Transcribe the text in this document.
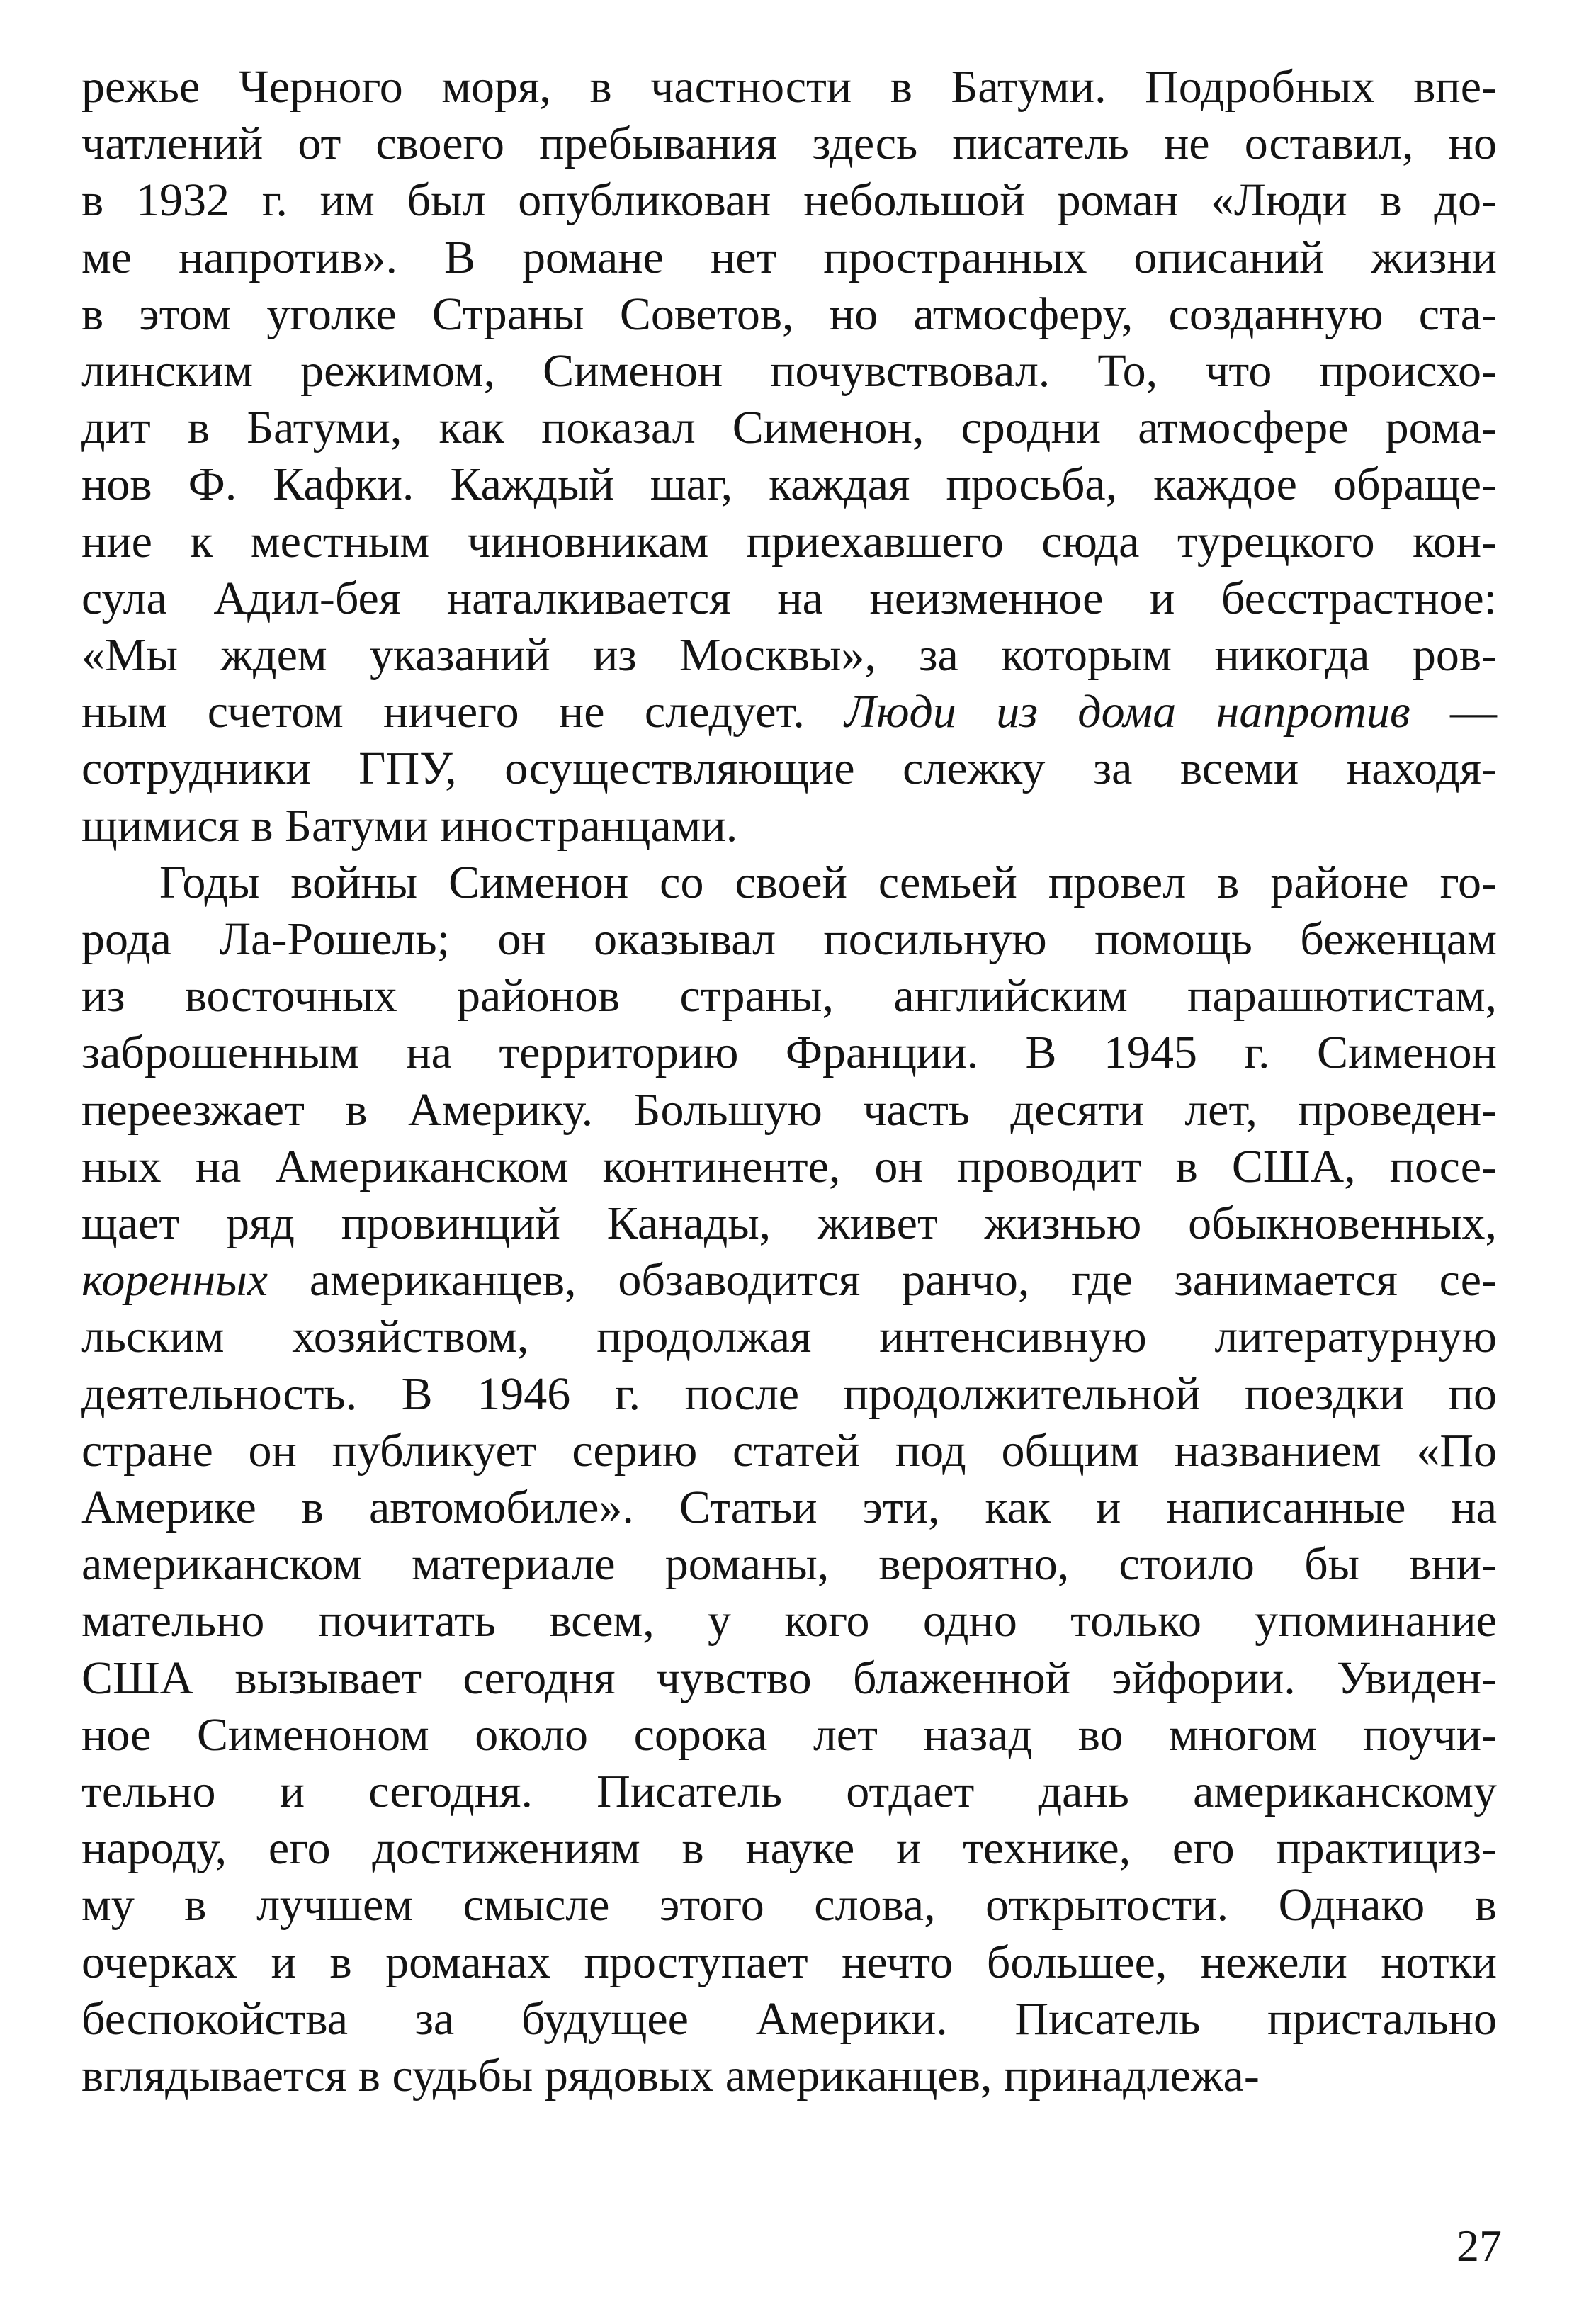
режье Черного моря, в частности в Батуми. Подробных впе-
чатлений от своего пребывания здесь писатель не оставил, но
в 1932 г. им был опубликован небольшой роман «Люди в до-
ме напротив». В романе нет пространных описаний жизни
в этом уголке Страны Советов, но атмосферу, созданную ста-
линским режимом, Сименон почувствовал. То, что происхо-
дит в Батуми, как показал Сименон, сродни атмосфере рома-
нов Ф. Кафки. Каждый шаг, каждая просьба, каждое обраще-
ние к местным чиновникам приехавшего сюда турецкого кон-
сула Адил-бея наталкивается на неизменное и бесстрастное:
«Мы ждем указаний из Москвы», за которым никогда ров-
ным счетом ничего не следует. Люди из дома напротив —
сотрудники ГПУ, осуществляющие слежку за всеми находя-
щимися в Батуми иностранцами.
Годы войны Сименон со своей семьей провел в районе го-
рода Ла-Рошель; он оказывал посильную помощь беженцам
из восточных районов страны, английским парашютистам,
заброшенным на территорию Франции. В 1945 г. Сименон
переезжает в Америку. Большую часть десяти лет, проведен-
ных на Американском континенте, он проводит в США, посе-
щает ряд провинций Канады, живет жизнью обыкновенных,
коренных американцев, обзаводится ранчо, где занимается се-
льским хозяйством, продолжая интенсивную литературную
деятельность. В 1946 г. после продолжительной поездки по
стране он публикует серию статей под общим названием «По
Америке в автомобиле». Статьи эти, как и написанные на
американском материале романы, вероятно, стоило бы вни-
мательно почитать всем, у кого одно только упоминание
США вызывает сегодня чувство блаженной эйфории. Увиден-
ное Сименоном около сорока лет назад во многом поучи-
тельно и сегодня. Писатель отдает дань американскому
народу, его достижениям в науке и технике, его практициз-
му в лучшем смысле этого слова, открытости. Однако в
очерках и в романах проступает нечто большее, нежели нотки
беспокойства за будущее Америки. Писатель пристально
вглядывается в судьбы рядовых американцев, принадлежа-
27
